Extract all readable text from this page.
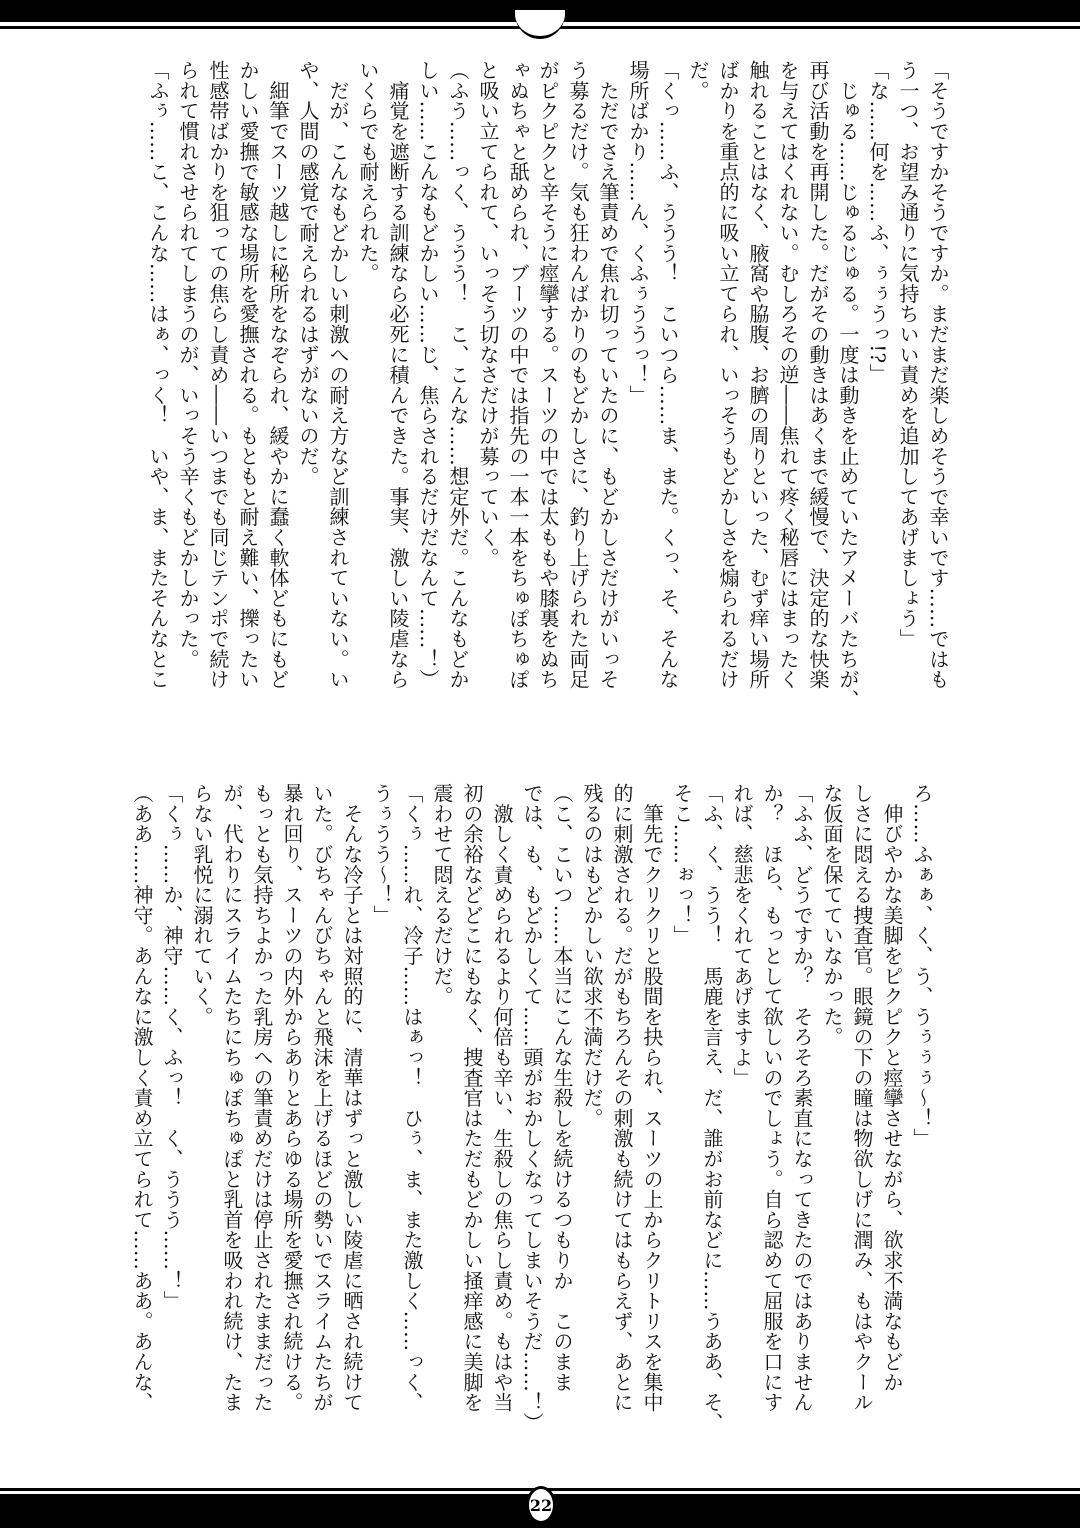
「そうですかそうですか。まだまだ楽しめそうで幸いです……ではも
う一つ、お望み通りに気持ちいい責めを追加してあげましょう」
「な……何を……ふ、ぅぅうっ!?」
　じゅる……じゅるじゅる。一度は動きを止めていたアメーバたちが、
再び活動を再開した。だがその動きはあくまで緩慢で、決定的な快楽
を与えてはくれない。むしろその逆――焦れて疼く秘唇にはまったく
触れることはなく、腋窩や脇腹、お臍の周りといった、むず痒い場所
ばかりを重点的に吸い立てられ、いっそうもどかしさを煽られるだけ
だ。
「くっ……ふ、ううう！　こいつら……ま、また。くっ、そ、そんな
場所ばかり……ん、くふぅううっ！」
　ただでさえ筆責めで焦れ切っていたのに、もどかしさだけがいっそ
う募るだけ。気も狂わんばかりのもどかしさに、釣り上げられた両足
がピクピクと辛そうに痙攣する。スーツの中では太ももや膝裏をぬち
ゃぬちゃと舐められ、ブーツの中では指先の一本一本をちゅぽちゅぽ
と吸い立てられて、いっそう切なさだけが募っていく。
（ふう……っく、ううう！　こ、こんな……想定外だ。こんなもどか
しい……こんなもどかしい……じ、焦らされるだけだなんて……！）
　痛覚を遮断する訓練なら必死に積んできた。事実、激しい陵虐なら
いくらでも耐えられた。
　だが、こんなもどかしい刺激への耐え方など訓練されていない。い
や、人間の感覚で耐えられるはずがないのだ。
　細筆でスーツ越しに秘所をなぞられ、緩やかに蠢く軟体どもにもど
かしい愛撫で敏感な場所を愛撫される。もともと耐え難い、擽ったい
性感帯ばかりを狙っての焦らし責め――いつまでも同じテンポで続け
られて慣れさせられてしまうのが、いっそう辛くもどかしかった。
「ふぅ……こ、こんな……はぁ、っく！　いや、ま、またそんなとこ
ろ……ふぁぁ、く、う、うぅぅぅ〜！」
　伸びやかな美脚をピクピクと痙攣させながら、欲求不満なもどか
しさに悶える捜査官。眼鏡の下の瞳は物欲しげに潤み、もはやクール
な仮面を保てていなかった。
「ふふ、どうですか？　そろそろ素直になってきたのではありません
か？　ほら、もっとして欲しいのでしょう。自ら認めて屈服を口にす
れば、慈悲をくれてあげますよ」
「ふ、く、うう！　馬鹿を言え、だ、誰がお前などに……うああ、そ、
そこ……ぉっ！」
　筆先でクリクリと股間を抉られ、スーツの上からクリトリスを集中
的に刺激される。だがもちろんその刺激も続けてはもらえず、あとに
残るのはもどかしい欲求不満だけだ。
（こ、こいつ……本当にこんな生殺しを続けるつもりか　このまま
では、も、もどかしくて……頭がおかしくなってしまいそうだ……！）
　激しく責められるより何倍も辛い、生殺しの焦らし責め。もはや当
初の余裕などどこにもなく、捜査官はただもどかしい掻痒感に美脚を
震わせて悶えるだけだ。
「くぅ……れ、冷子……はぁっ！　ひぅ、ま、また激しく……っく、
うぅうう〜！」
　そんな冷子とは対照的に、清華はずっと激しい陵虐に晒され続けて
いた。びちゃんびちゃんと飛沫を上げるほどの勢いでスライムたちが
暴れ回り、スーツの内外からありとあらゆる場所を愛撫され続ける。
もっとも気持ちよかった乳房への筆責めだけは停止されたままだった
が、代わりにスライムたちにちゅぽちゅぽと乳首を吸われ続け、たま
らない乳悦に溺れていく。
「くぅ……か、神守……く、ふっ！　く、ううう……！」
（ああ……神守。あんなに激しく責め立てられて……ああ。あんな、
22
